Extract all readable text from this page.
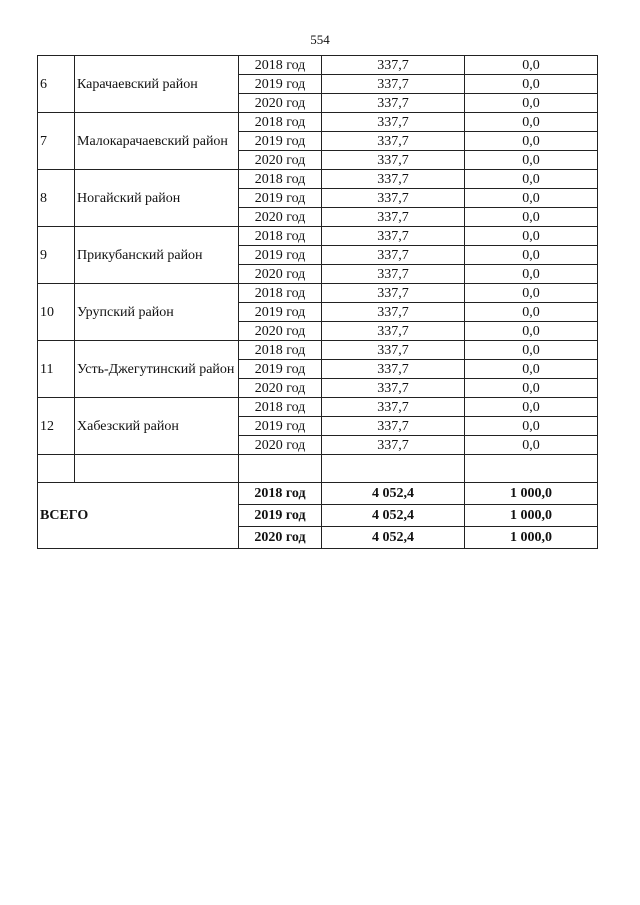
554
6	Карачаевский район	2018 год	337,7	0,0
		2019 год	337,7	0,0
		2020 год	337,7	0,0
7	Малокарачаевский район	2018 год	337,7	0,0
		2019 год	337,7	0,0
		2020 год	337,7	0,0
8	Ногайский район	2018 год	337,7	0,0
		2019 год	337,7	0,0
		2020 год	337,7	0,0
9	Прикубанский район	2018 год	337,7	0,0
		2019 год	337,7	0,0
		2020 год	337,7	0,0
10	Урупский район	2018 год	337,7	0,0
		2019 год	337,7	0,0
		2020 год	337,7	0,0
11	Усть-Джегутинский район	2018 год	337,7	0,0
		2019 год	337,7	0,0
		2020 год	337,7	0,0
12	Хабезский район	2018 год	337,7	0,0
		2019 год	337,7	0,0
		2020 год	337,7	0,0

ВСЕГО		2018 год	4 052,4	1 000,0
		2019 год	4 052,4	1 000,0
		2020 год	4 052,4	1 000,0
